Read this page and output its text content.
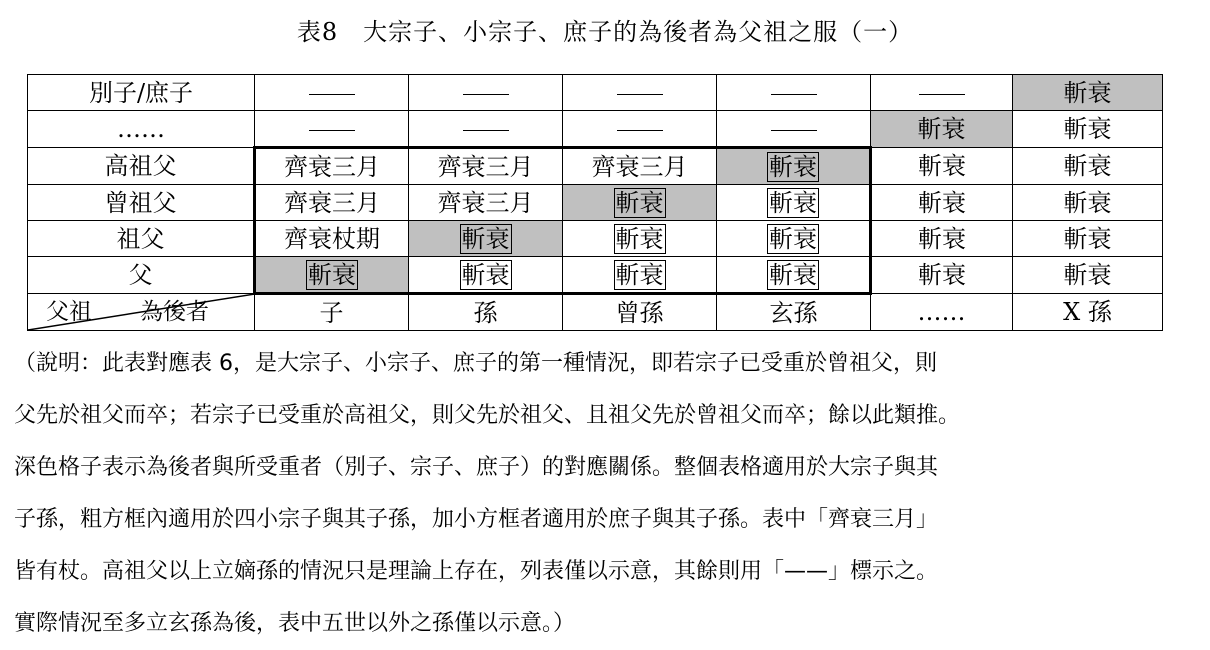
表8　大宗子、小宗子、庶子的為後者為父祖之服（一）
別子/庶子						斬衰
……					斬衰	斬衰
高祖父	齊衰三月	齊衰三月	齊衰三月	斬衰	斬衰	斬衰
曾祖父	齊衰三月	齊衰三月	斬衰	斬衰	斬衰	斬衰
祖父	齊衰杖期	斬衰	斬衰	斬衰	斬衰	斬衰
父	斬衰	斬衰	斬衰	斬衰	斬衰	斬衰

父祖 為後者	子	孫	曾孫	玄孫	……	X 孫

（說明：此表對應表 6，是大宗子、小宗子、庶子的第一種情況，即若宗子已受重於曾祖父，則

父先於祖父而卒；若宗子已受重於高祖父，則父先於祖父、且祖父先於曾祖父而卒；餘以此類推。

深色格子表示為後者與所受重者（別子、宗子、庶子）的對應關係。整個表格適用於大宗子與其

子孫，粗方框內適用於四小宗子與其子孫，加小方框者適用於庶子與其子孫。表中「齊衰三月」

皆有杖。高祖父以上立嫡孫的情況只是理論上存在，列表僅以示意，其餘則用「——」標示之。

實際情況至多立玄孫為後，表中五世以外之孫僅以示意。）
